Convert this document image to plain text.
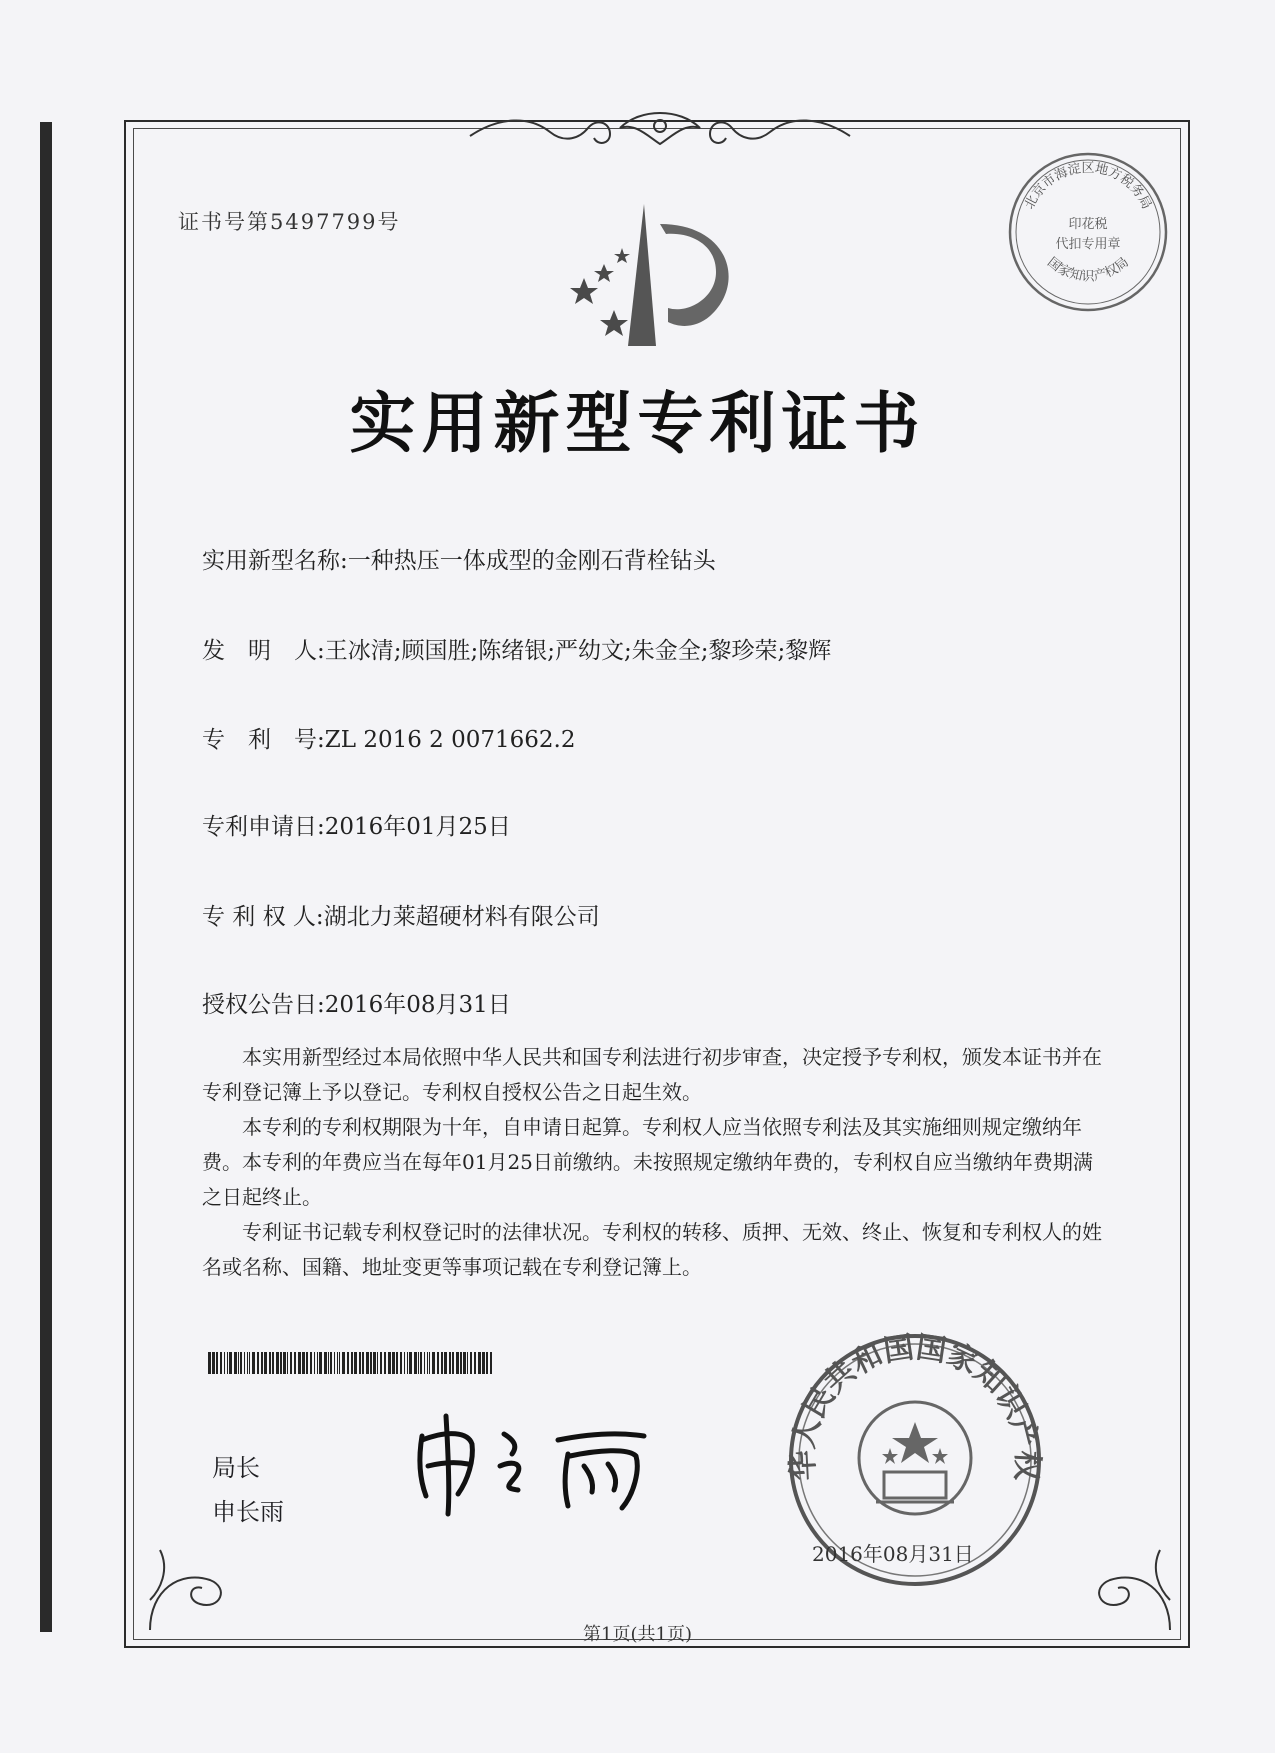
证书号第5497799号
北京市海淀区地方税务局
印花税
代扣专用章
国家知识产权局
实用新型专利证书
实用新型名称:一种热压一体成型的金刚石背栓钻头
发　明　人:王冰清;顾国胜;陈绪银;严幼文;朱金全;黎珍荣;黎辉
专　利　号:ZL 2016 2 0071662.2
专利申请日:2016年01月25日
专 利 权 人:湖北力莱超硬材料有限公司
授权公告日:2016年08月31日

本实用新型经过本局依照中华人民共和国专利法进行初步审查，决定授予专利权，颁发本证书并在专利登记簿上予以登记。专利权自授权公告之日起生效。

本专利的专利权期限为十年，自申请日起算。专利权人应当依照专利法及其实施细则规定缴纳年费。本专利的年费应当在每年01月25日前缴纳。未按照规定缴纳年费的，专利权自应当缴纳年费期满之日起终止。

专利证书记载专利权登记时的法律状况。专利权的转移、质押、无效、终止、恢复和专利权人的姓名或名称、国籍、地址变更等事项记载在专利登记簿上。

局长
申长雨
中华人民共和国国家知识产权局
2016年08月31日
第1页(共1页)
